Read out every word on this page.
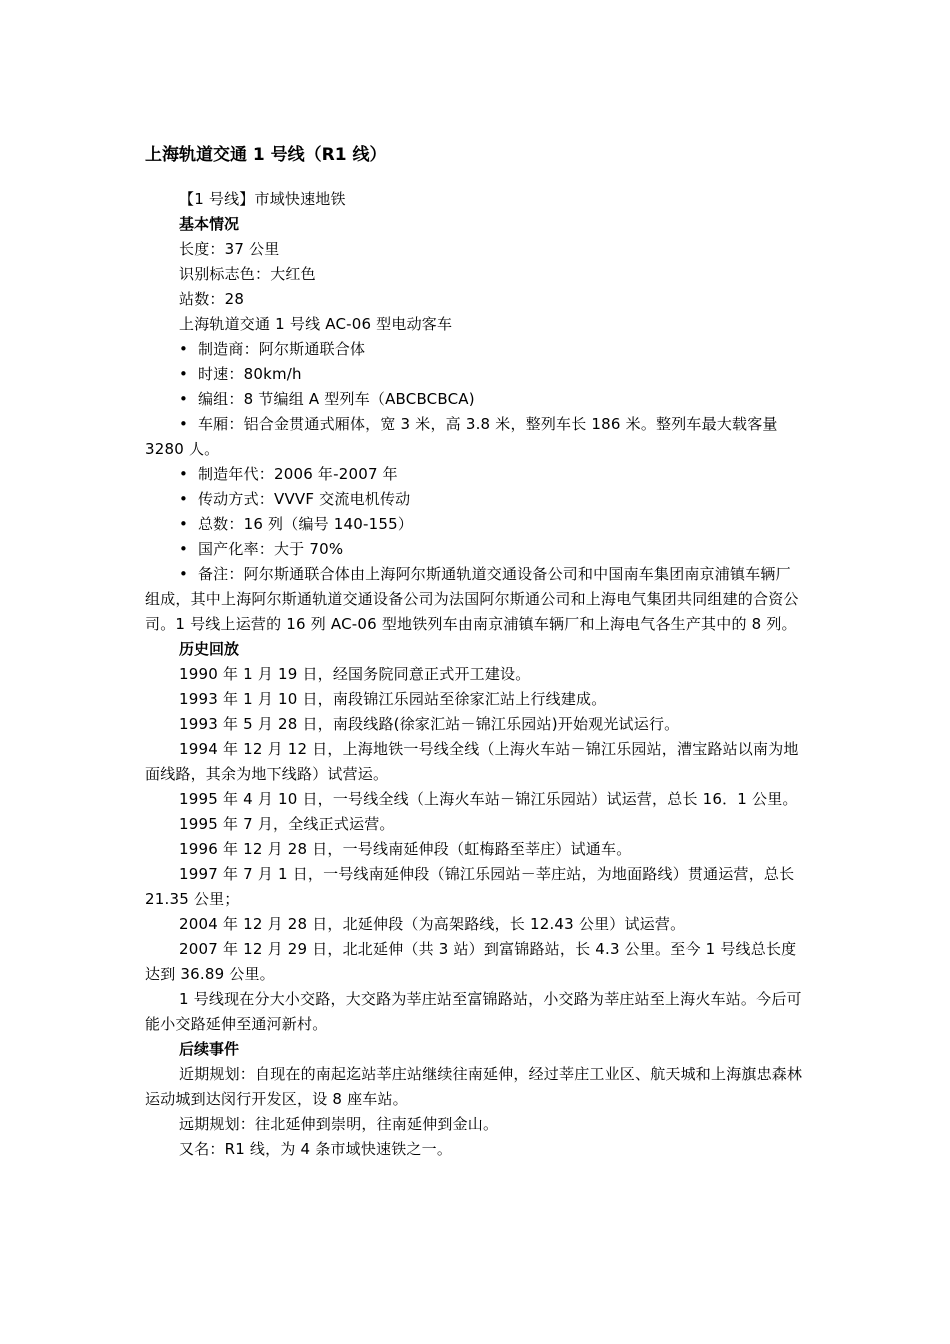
上海轨道交通 1 号线（R1 线）

【1 号线】市域快速地铁

基本情况

长度：37 公里

识别标志色：大红色

站数：28

上海轨道交通 1 号线 AC-06 型电动客车

•  制造商：阿尔斯通联合体

•  时速：80km/h

•  编组：8 节编组 A 型列车（ABCBCBCA)

•  车厢：铝合金贯通式厢体，宽 3 米，高 3.8 米，整列车长 186 米。整列车最大载客量 3280 人。

•  制造年代：2006 年-2007 年

•  传动方式：VVVF 交流电机传动

•  总数：16 列（编号 140-155）

•  国产化率：大于 70%

•  备注：阿尔斯通联合体由上海阿尔斯通轨道交通设备公司和中国南车集团南京浦镇车辆厂组成，其中上海阿尔斯通轨道交通设备公司为法国阿尔斯通公司和上海电气集团共同组建的合资公司。1 号线上运营的 16 列 AC-06 型地铁列车由南京浦镇车辆厂和上海电气各生产其中的 8 列。

历史回放

1990 年 1 月 19 日，经国务院同意正式开工建设。

1993 年 1 月 10 日，南段锦江乐园站至徐家汇站上行线建成。

1993 年 5 月 28 日，南段线路(徐家汇站－锦江乐园站)开始观光试运行。

1994 年 12 月 12 日，上海地铁一号线全线（上海火车站－锦江乐园站，漕宝路站以南为地面线路，其余为地下线路）试营运。

1995 年 4 月 10 日，一号线全线（上海火车站－锦江乐园站）试运营，总长 16．1 公里。

1995 年 7 月，全线正式运营。

1996 年 12 月 28 日，一号线南延伸段（虹梅路至莘庄）试通车。

1997 年 7 月 1 日，一号线南延伸段（锦江乐园站－莘庄站，为地面路线）贯通运营，总长 21.35 公里；

2004 年 12 月 28 日，北延伸段（为高架路线，长 12.43 公里）试运营。

2007 年 12 月 29 日，北北延伸（共 3 站）到富锦路站，长 4.3 公里。至今 1 号线总长度达到 36.89 公里。

1 号线现在分大小交路，大交路为莘庄站至富锦路站，小交路为莘庄站至上海火车站。今后可能小交路延伸至通河新村。

后续事件

近期规划：自现在的南起迄站莘庄站继续往南延伸，经过莘庄工业区、航天城和上海旗忠森林运动城到达闵行开发区，设 8 座车站。

远期规划：往北延伸到崇明，往南延伸到金山。

又名：R1 线，为 4 条市域快速铁之一。
